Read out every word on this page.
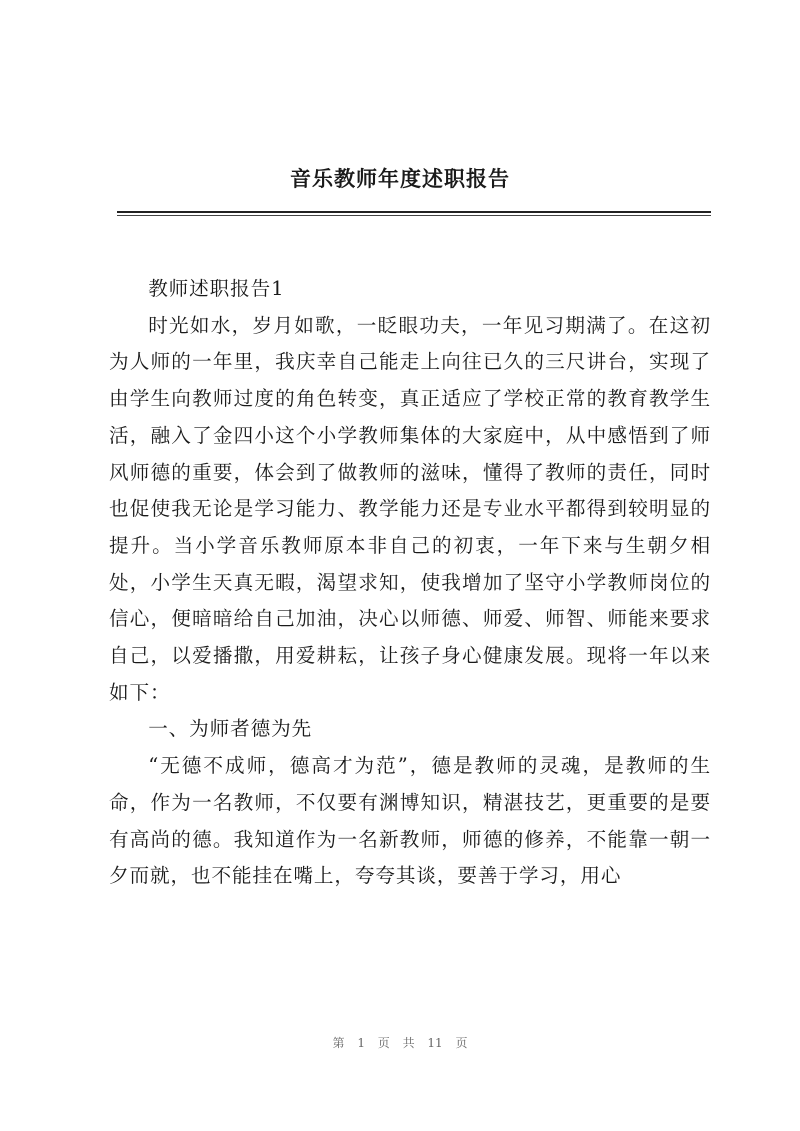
音乐教师年度述职报告

教师述职报告1

时光如水，岁月如歌，一眨眼功夫，一年见习期满了。在这初为人师的一年里，我庆幸自己能走上向往已久的三尺讲台，实现了由学生向教师过度的角色转变，真正适应了学校正常的教育教学生活，融入了金四小这个小学教师集体的大家庭中，从中感悟到了师风师德的重要，体会到了做教师的滋味，懂得了教师的责任，同时也促使我无论是学习能力、教学能力还是专业水平都得到较明显的提升。当小学音乐教师原本非自己的初衷，一年下来与生朝夕相处，小学生天真无暇，渴望求知，使我增加了坚守小学教师岗位的信心，便暗暗给自己加油，决心以师德、师爱、师智、师能来要求自己，以爱播撒，用爱耕耘，让孩子身心健康发展。现将一年以来如下：

一、为师者德为先

“无德不成师，德高才为范”，德是教师的灵魂，是教师的生命，作为一名教师，不仅要有渊博知识，精湛技艺，更重要的是要有高尚的德。我知道作为一名新教师，师德的修养，不能靠一朝一夕而就，也不能挂在嘴上，夸夸其谈，要善于学习，用心

第 1 页 共 11 页
